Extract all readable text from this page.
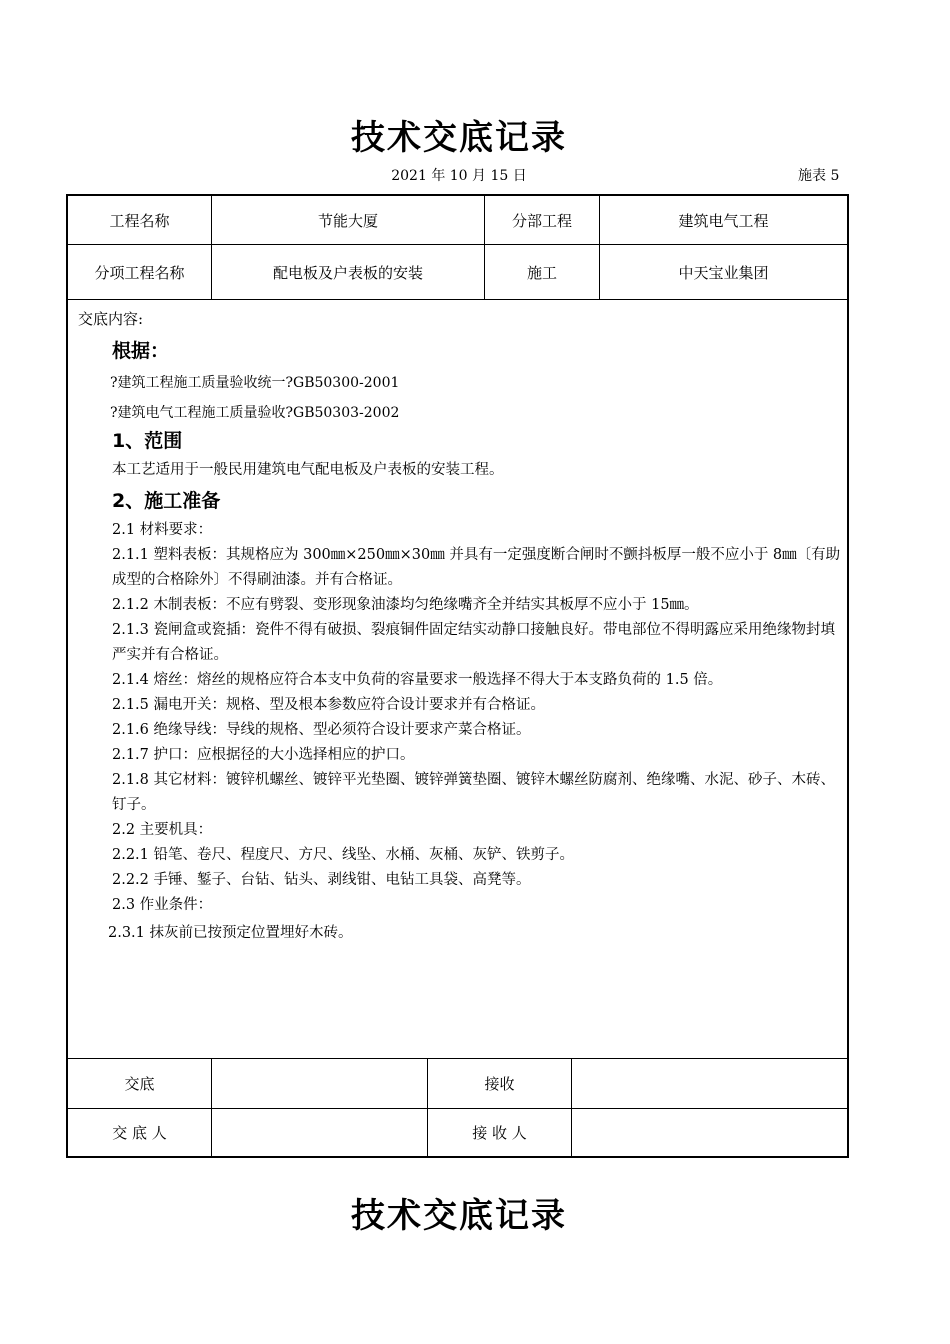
技术交底记录
2021 年 10 月 15 日	施表 5
工程名称	节能大厦	分部工程	建筑电气工程
分项工程名称	配电板及户表板的安装	施工	中天宝业集团
交底内容:
根据：
?建筑工程施工质量验收统一?GB50300-2001
?建筑电气工程施工质量验收?GB50303-2002
1、范围
本工艺适用于一般民用建筑电气配电板及户表板的安装工程。
2、施工准备

2.1 材料要求：

2.1.1 塑料表板：其规格应为 300㎜×250㎜×30㎜ 并具有一定强度断合闸时不颤抖板厚一般不应小于 8㎜〔有助成型的合格除外〕不得刷油漆。并有合格证。

2.1.2 木制表板：不应有劈裂、变形现象油漆均匀绝缘嘴齐全并结实其板厚不应小于 15㎜。

2.1.3 瓷闸盒或瓷插：瓷件不得有破损、裂痕铜件固定结实动静口接触良好。带电部位不得明露应采用绝缘物封填严实并有合格证。

2.1.4 熔丝：熔丝的规格应符合本支中负荷的容量要求一般选择不得大于本支路负荷的 1.5 倍。

2.1.5 漏电开关：规格、型及根本参数应符合设计要求并有合格证。

2.1.6 绝缘导线：导线的规格、型必须符合设计要求产菜合格证。

2.1.7 护口：应根据径的大小选择相应的护口。

2.1.8 其它材料：镀锌机螺丝、镀锌平光垫圈、镀锌弹簧垫圈、镀锌木螺丝防腐剂、绝缘嘴、水泥、砂子、木砖、钉子。

2.2 主要机具：

2.2.1 铅笔、卷尺、程度尺、方尺、线坠、水桶、灰桶、灰铲、铁剪子。

2.2.2 手锤、錾子、台钻、钻头、剥线钳、电钻工具袋、高凳等。

2.3 作业条件：

2.3.1 抹灰前已按预定位置埋好木砖。

交底	接收
交 底 人	接 收 人
技术交底记录
